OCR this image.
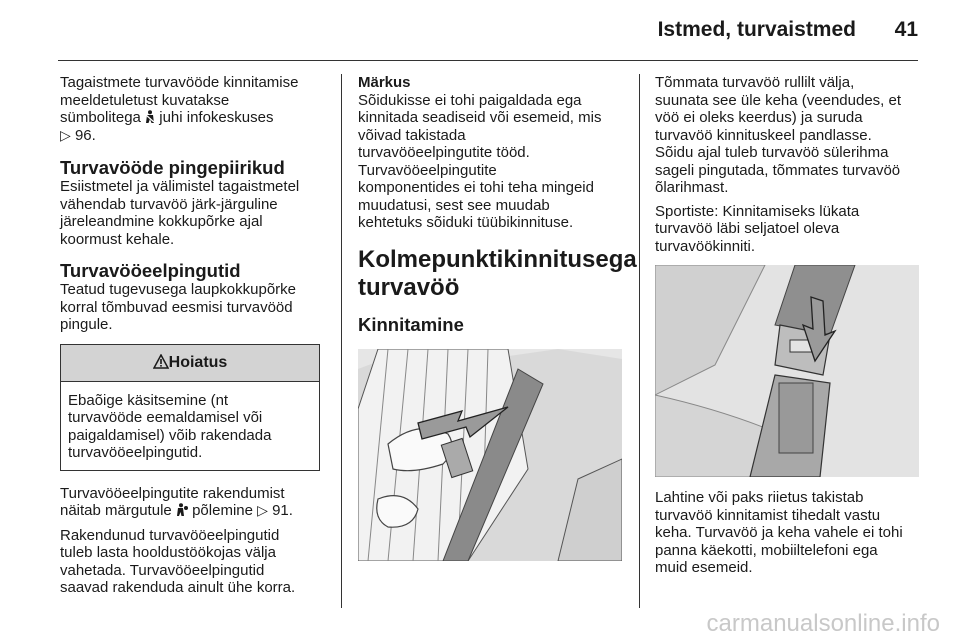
Istmed, turvaistmed 41

Tagaistmete turvavööde kinnitamise
meeldetuletust kuvatakse
sümbolitega juhi infokeskuses
▷ 96.

Turvavööde pingepiirikud

Esiistmetel ja välimistel tagaistmetel
vähendab turvavöö järk-järguline
järeleandmine kokkupõrke ajal
koormust kehale.

Turvavööeelpingutid

Teatud tugevusega laupkokkupõrke
korral tõmbuvad eesmisi turvavööd
pingule.

Hoiatus
Ebaõige käsitsemine (nt
turvavööde eemaldamisel või
paigaldamisel) võib rakendada
turvavööeelpingutid.

Turvavööeelpingutite rakendumist
näitab märgutule põlemine ▷ 91.

Rakendunud turvavööeelpingutid
tuleb lasta hooldustöökojas välja
vahetada. Turvavööeelpingutid
saavad rakenduda ainult ühe korra.

Märkus
Sõidukisse ei tohi paigaldada ega
kinnitada seadiseid või esemeid, mis
võivad takistada
turvavööeelpingutite tööd.
Turvavööeelpingutite
komponentides ei tohi teha mingeid
muudatusi, sest see muudab
kehtetuks sõiduki tüübikinnituse.
Kolmepunktikinnitusega
turvavöö
Kinnitamine

Tõmmata turvavöö rullilt välja,
suunata see üle keha (veendudes, et
vöö ei oleks keerdus) ja suruda
turvavöö kinnituskeel pandlasse.
Sõidu ajal tuleb turvavöö sülerihma
sageli pingutada, tõmmates turvavöö
õlarihmast.

Sportiste: Kinnitamiseks lükata
turvavöö läbi seljatoel oleva
turvavöökinniti.

Lahtine või paks riietus takistab
turvavöö kinnitamist tihedalt vastu
keha. Turvavöö ja keha vahele ei tohi
panna käekotti, mobiiltelefoni ega
muid esemeid.

carmanualsonline.info
